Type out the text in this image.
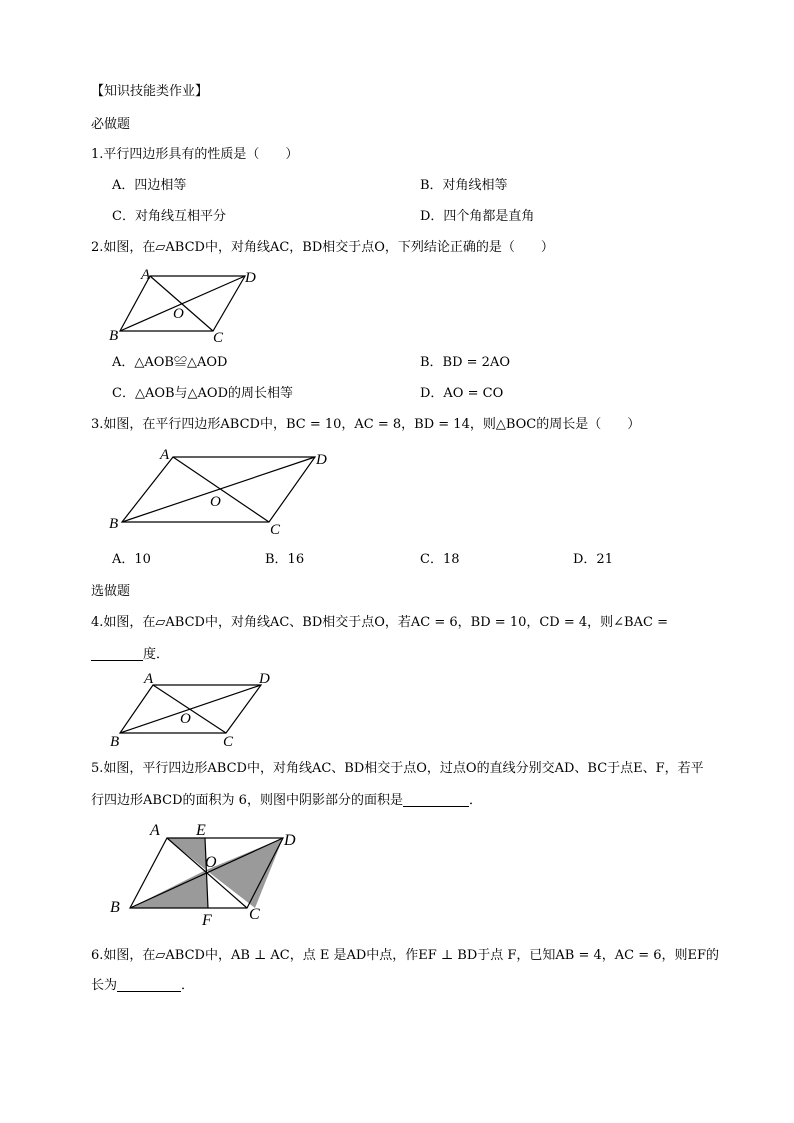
【知识技能类作业】
必做题
1.平行四边形具有的性质是（　　）
A．四边相等	B．对角线相等
C．对角线互相平分	D．四个角都是直角
2.如图，在▱ABCD中，对角线AC，BD相交于点O，下列结论正确的是（　　）
A	D
B	C
O
A．△AOB≌△AOD	B．BD = 2AO
C．△AOB与△AOD的周长相等	D．AO = CO
3.如图，在平行四边形ABCD中，BC = 10，AC = 8，BD = 14，则△BOC的周长是（　　）
A	D
B	C
O
A．10	B．16	C．18	D．21
选做题
4.如图，在▱ABCD中，对角线AC、BD相交于点O，若AC = 6，BD = 10，CD = 4，则∠BAC =
度．
A	D
B	C
O
5.如图，平行四边形ABCD中，对角线AC、BD相交于点O，过点O的直线分别交AD、BC于点E、F，若平
行四边形ABCD的面积为 6，则图中阴影部分的面积是	．
A E
D
O
B
F C
6.如图，在▱ABCD中，AB ⊥ AC，点 E 是AD中点，作EF ⊥ BD于点 F，已知AB = 4，AC = 6，则EF的
长为	．
